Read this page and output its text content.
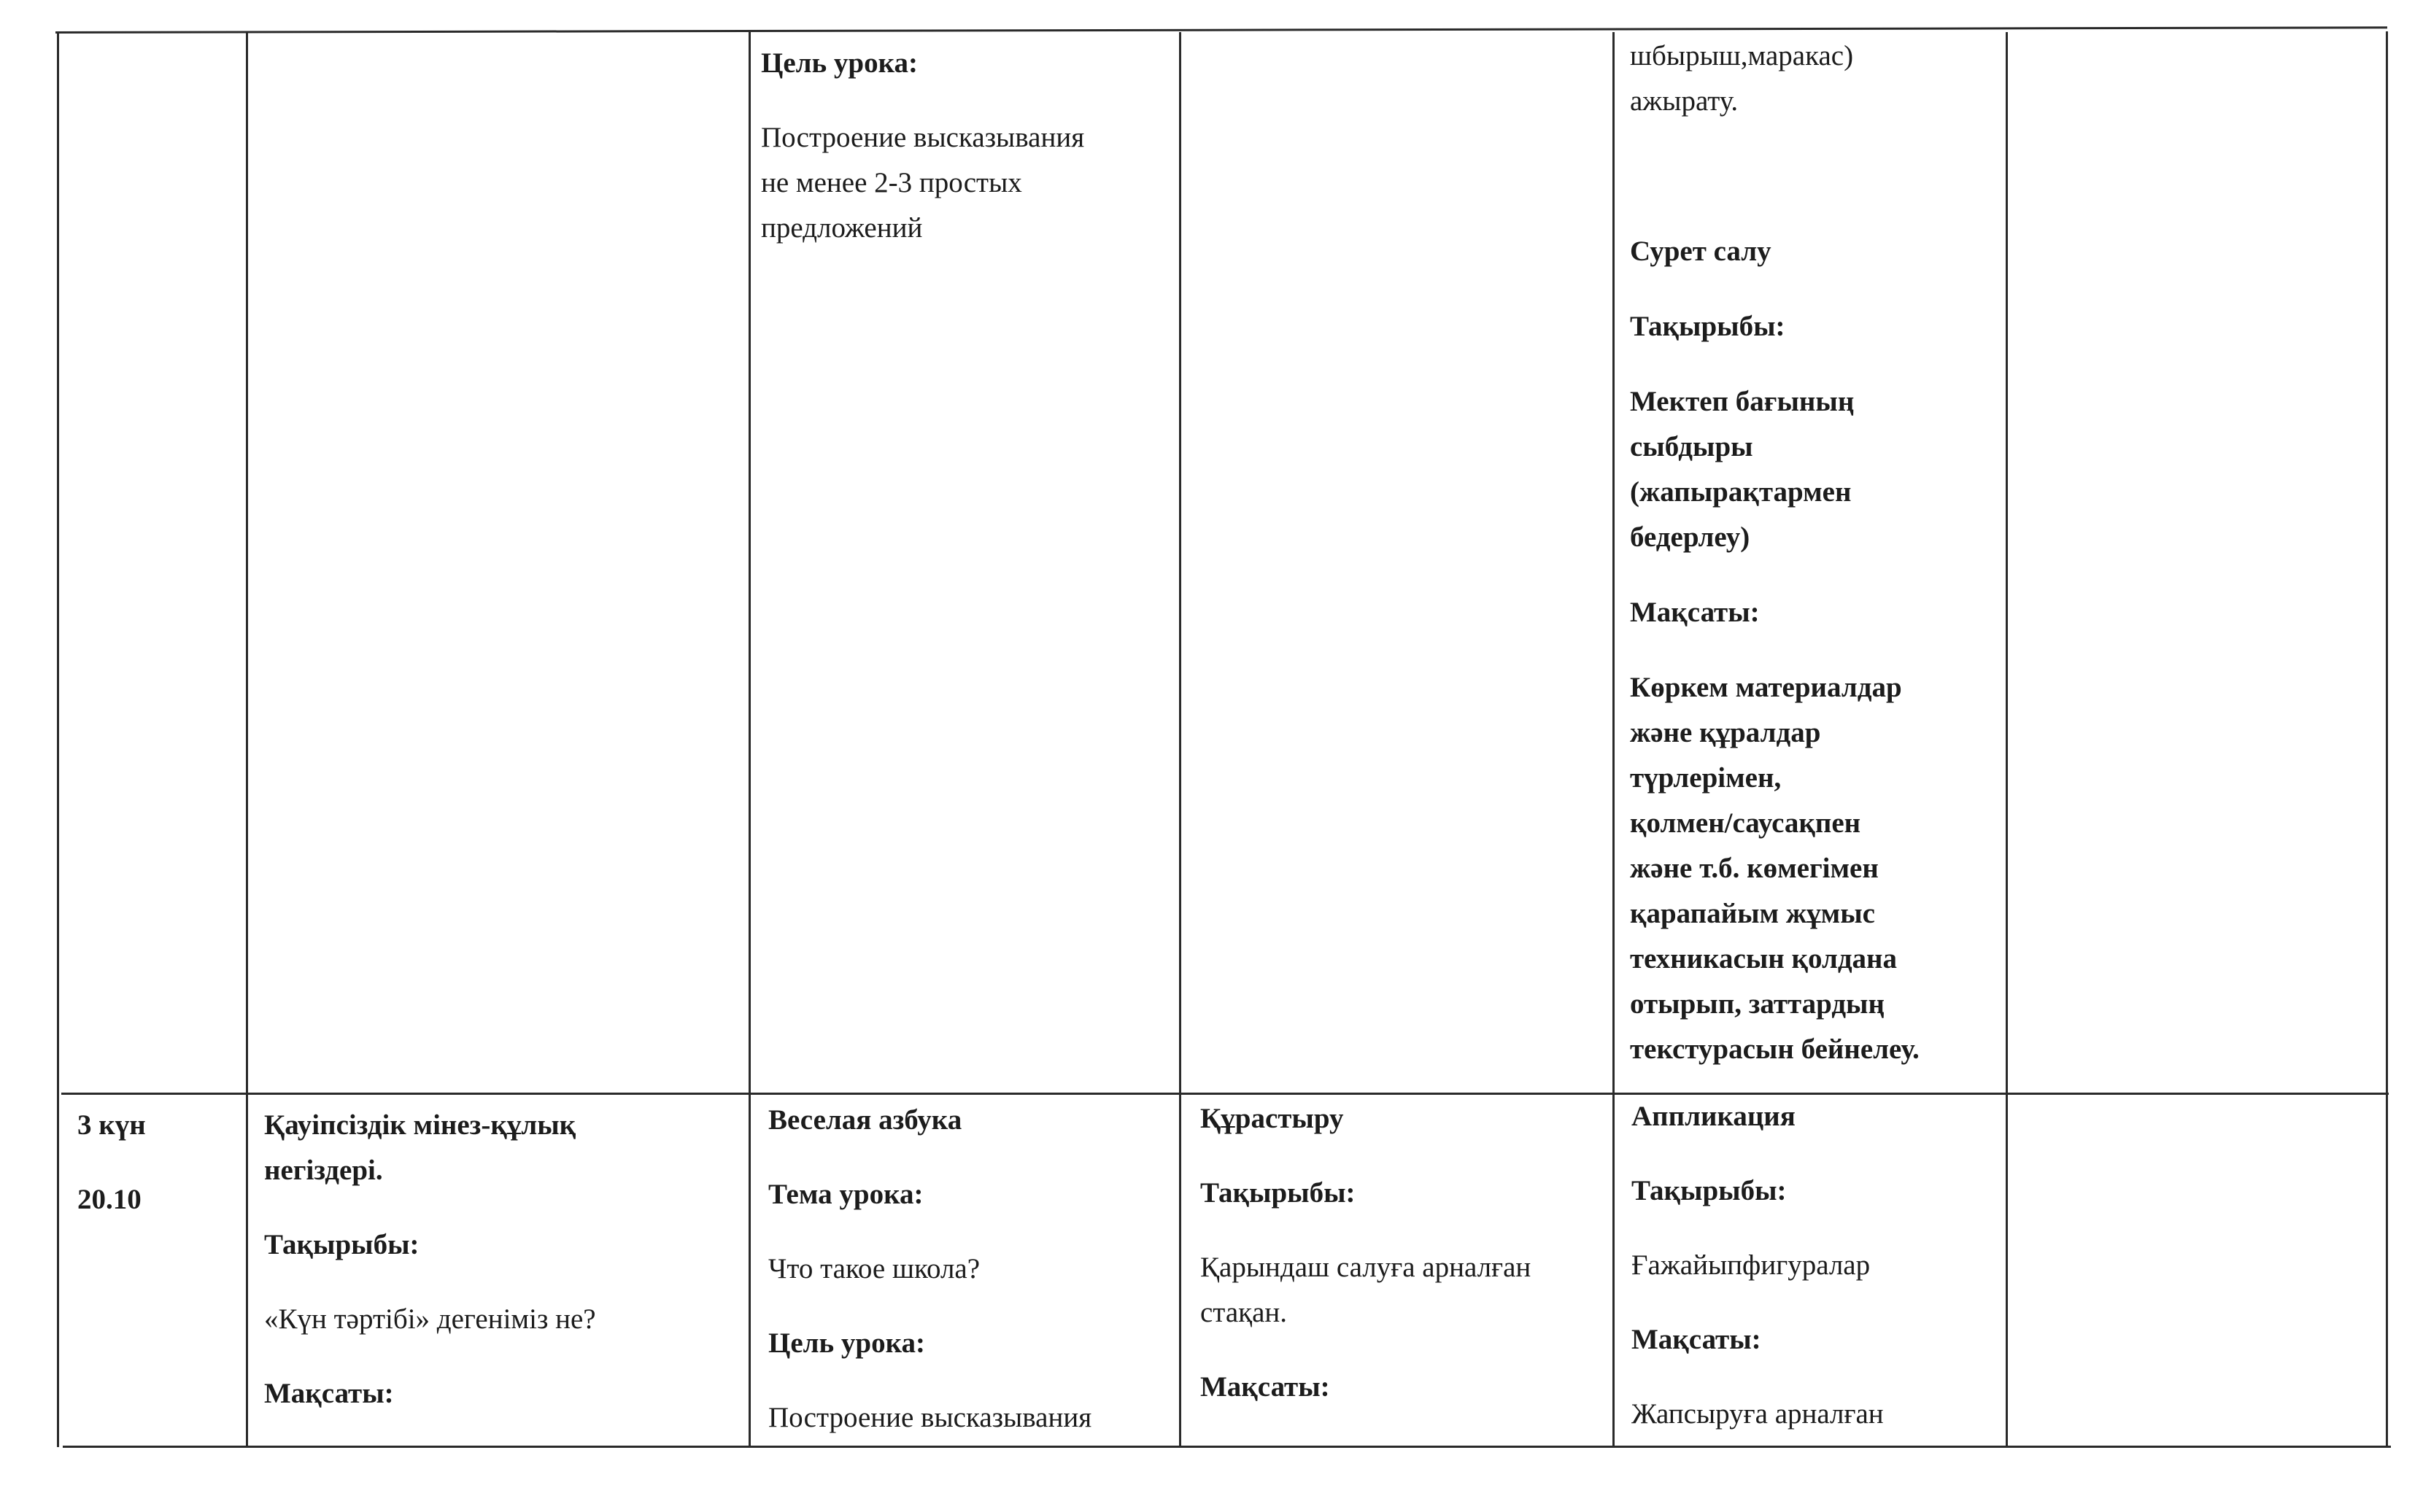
Цель урока:

Построение высказывания

не менее 2-3 простых

предложений

шбырыш,маракас)

ажырату.

Сурет салу

Тақырыбы:

Мектеп бағының

сыбдыры

(жапырақтармен

бедерлеу)

Мақсаты:

Көркем материалдар

және құралдар

түрлерімен,

қолмен/саусақпен

және т.б. көмегімен

қарапайым жұмыс

техникасын қолдана

отырып, заттардың

текстурасын бейнелеу.

3 күн

20.10

Қауіпсіздік мінез-құлық

негіздері.

Тақырыбы:

«Күн тәртібі» дегеніміз не?

Мақсаты:

Веселая азбука

Тема урока:

Что такое школа?

Цель урока:

Построение высказывания

Құрастыру

Тақырыбы:

Қарындаш салуға арналған

стақан.

Мақсаты:

Аппликация

Тақырыбы:

Ғажайыпфигуралар

Мақсаты:

Жапсыруға арналған
